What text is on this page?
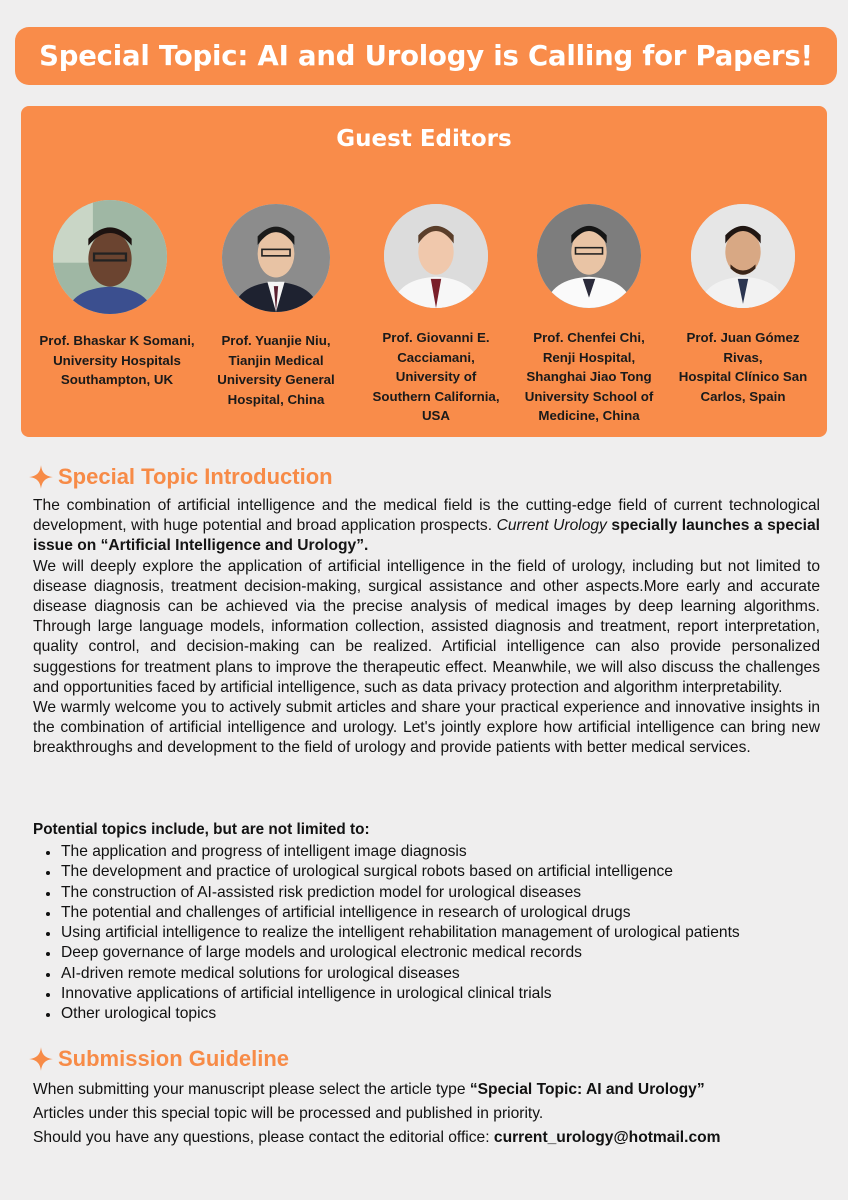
Special Topic: AI and Urology is Calling for Papers!
Guest Editors
Prof. Bhaskar K Somani,
University Hospitals
Southampton, UK
Prof. Yuanjie Niu,
Tianjin Medical
University General
Hospital, China
Prof. Giovanni E.
Cacciamani,
University of
Southern California,
USA
Prof. Chenfei Chi,
Renji Hospital,
Shanghai Jiao Tong
University School of
Medicine, China
Prof. Juan Gómez
Rivas,
Hospital Clínico San
Carlos, Spain
Special Topic Introduction

The combination of artificial intelligence and the medical field is the cutting-edge field of current technological development, with huge potential and broad application prospects. Current Urology specially launches a special issue on “Artificial Intelligence and Urology”.

We will deeply explore the application of artificial intelligence in the field of urology, including but not limited to disease diagnosis, treatment decision-making, surgical assistance and other aspects.More early and accurate disease diagnosis can be achieved via the precise analysis of medical images by deep learning algorithms. Through large language models, information collection, assisted diagnosis and treatment, report interpretation, quality control, and decision-making can be realized. Artificial intelligence can also provide personalized suggestions for treatment plans to improve the therapeutic effect. Meanwhile, we will also discuss the challenges and opportunities faced by artificial intelligence, such as data privacy protection and algorithm interpretability.

We warmly welcome you to actively submit articles and share your practical experience and innovative insights in the combination of artificial intelligence and urology. Let's jointly explore how artificial intelligence can bring new breakthroughs and development to the field of urology and provide patients with better medical services.

Potential topics include, but are not limited to:
The application and progress of intelligent image diagnosis
The development and practice of urological surgical robots based on artificial intelligence
The construction of AI-assisted risk prediction model for urological diseases
The potential and challenges of artificial intelligence in research of urological drugs
Using artificial intelligence to realize the intelligent rehabilitation management of urological patients
Deep governance of large models and urological electronic medical records
AI-driven remote medical solutions for urological diseases
Innovative applications of artificial intelligence in urological clinical trials
Other urological topics
Submission Guideline
When submitting your manuscript please select the article type “Special Topic: AI and Urology”
Articles under this special topic will be processed and published in priority.
Should you have any questions, please contact the editorial office: current_urology@hotmail.com
